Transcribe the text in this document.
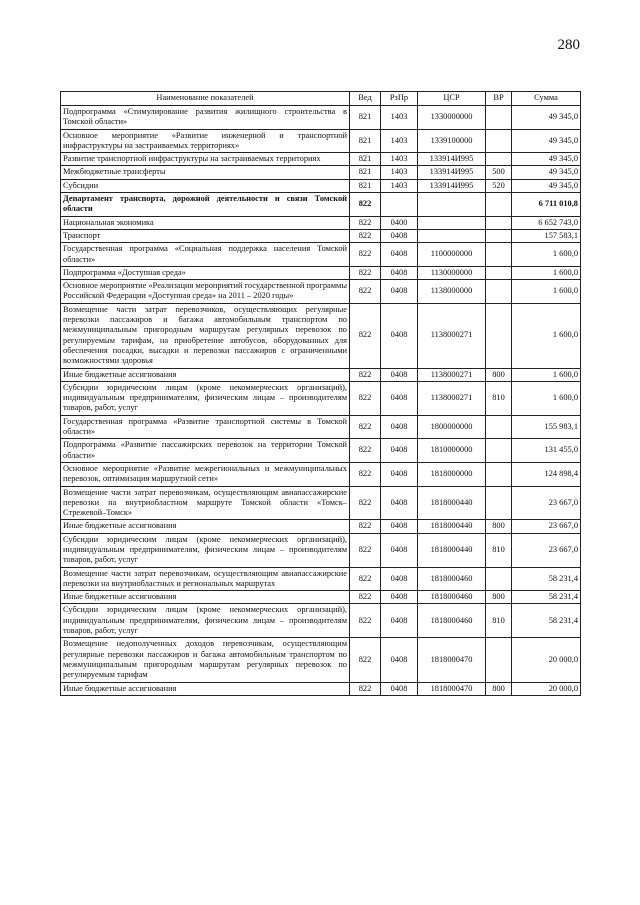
280
Наименование показателей	Вед	РзПр	ЦСР	ВР	Сумма
Подпрограмма «Стимулирование развития жилищного строительства в Томской области»	821	1403	1330000000		49 345,0
Основное мероприятие «Развитие инженерной и транспортной инфраструктуры на застраиваемых территориях»	821	1403	1339100000		49 345,0
Развитие транспортной инфраструктуры на застраиваемых территориях	821	1403	133914И995		49 345,0
Межбюджетные трансферты	821	1403	133914И995	500	49 345,0
Субсидии	821	1403	133914И995	520	49 345,0
Департамент транспорта, дорожной деятельности и связи Томской области	822				6 711 010,8
Национальная экономика	822	0400			6 652 743,0
Транспорт	822	0408			157 583,1
Государственная программа «Социальная поддержка населения Томской области»	822	0408	1100000000		1 600,0
Подпрограмма «Доступная среда»	822	0408	1130000000		1 600,0
Основное мероприятие «Реализация мероприятий государственной программы Российской Федерации «Доступная среда» на 2011 – 2020 годы»	822	0408	1138000000		1 600,0
Возмещение части затрат перевозчиков, осуществляющих регулярные перевозки пассажиров и багажа автомобильным транспортом по межмуниципальным пригородным маршрутам регулярных перевозок по регулируемым тарифам, на приобретение автобусов, оборудованных для обеспечения посадки, высадки и перевозки пассажиров с ограниченными возможностями здоровья	822	0408	1138000271		1 600,0
Иные бюджетные ассигнования	822	0408	1138000271	800	1 600,0
Субсидии юридическим лицам (кроме некоммерческих организаций), индивидуальным предпринимателям, физическим лицам – производителям товаров, работ, услуг	822	0408	1138000271	810	1 600,0
Государственная программа «Развитие транспортной системы в Томской области»	822	0408	1800000000		155 983,1
Подпрограмма «Развитие пассажирских перевозок на территории Томской области»	822	0408	1810000000		131 455,0
Основное мероприятие «Развитие межрегиональных и межмуниципальных перевозок, оптимизация маршрутной сети»	822	0408	1818000000		124 898,4
Возмещение части затрат перевозчикам, осуществляющим авиапассажирские перевозки на внутриобластном маршруте Томской области «Томск–Стрежевой–Томск»	822	0408	1818000440		23 667,0
Иные бюджетные ассигнования	822	0408	1818000440	800	23 667,0
Субсидии юридическим лицам (кроме некоммерческих организаций), индивидуальным предпринимателям, физическим лицам – производителям товаров, работ, услуг	822	0408	1818000440	810	23 667,0
Возмещение части затрат перевозчикам, осуществляющим авиапассажирские перевозки на внутриобластных и региональных маршрутах	822	0408	1818000460		58 231,4
Иные бюджетные ассигнования	822	0408	1818000460	800	58 231,4
Субсидии юридическим лицам (кроме некоммерческих организаций), индивидуальным предпринимателям, физическим лицам – производителям товаров, работ, услуг	822	0408	1818000460	810	58 231,4
Возмещение недополученных доходов перевозчикам, осуществляющим регулярные перевозки пассажиров и багажа автомобильным транспортом по межмуниципальным пригородным маршрутам регулярных перевозок по регулируемым тарифам	822	0408	1818000470		20 000,0
Иные бюджетные ассигнования	822	0408	1818000470	800	20 000,0
